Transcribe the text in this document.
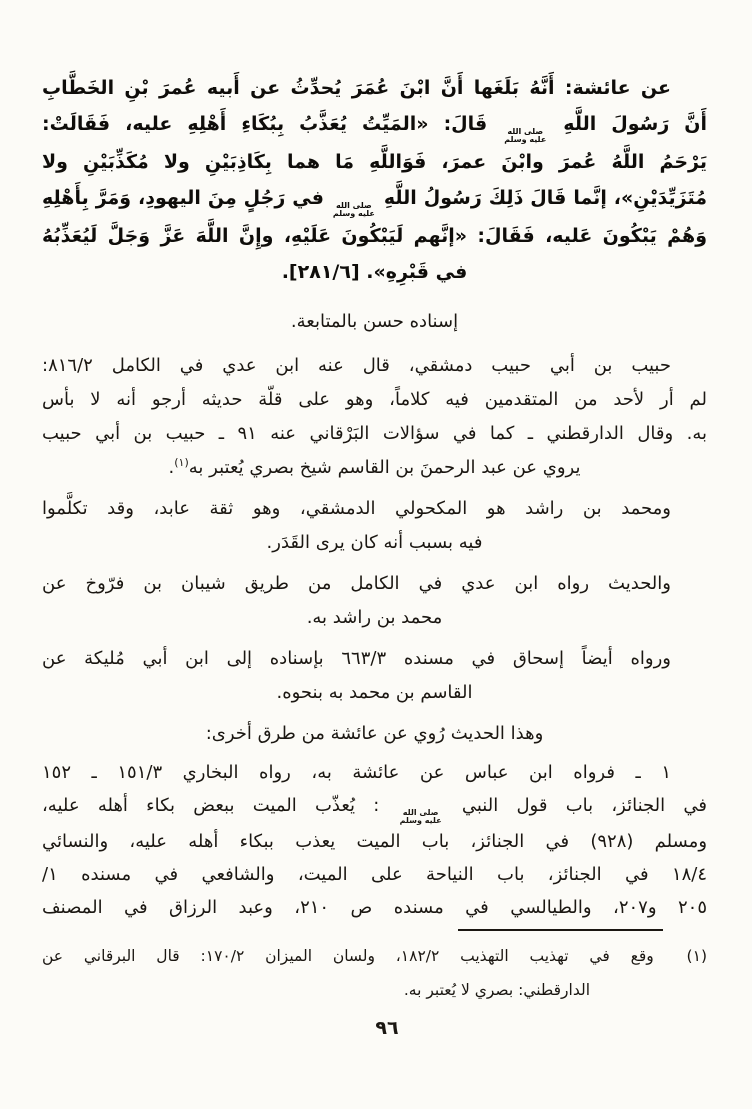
عن عائشة: أَنَّهُ بَلَغَها أَنَّ ابْنَ عُمَرَ يُحدِّثُ عن أَبيه عُمرَ بْنِ الخَطَّابِ
أَنَّ رَسُولَ اللَّهِ
صلى الله
عليه وسلم
قَالَ: «المَيِّتُ يُعَذَّبُ بِبُكَاءِ أَهْلِهِ عليه، فَقَالَتْ:
يَرْحَمُ اللَّهُ عُمرَ وابْنَ عمرَ، فَوَاللَّهِ مَا هما بِكَاذِبَيْنِ ولا مُكَذِّبَيْنِ ولا
مُتَزَيِّدَيْنِ»، إنَّما قَالَ ذَلِكَ رَسُولُ اللَّهِ
صلى الله
عليه وسلم
في رَجُلٍ مِنَ اليهودِ، وَمَرَّ بِأَهْلِهِ
وَهُمْ يَبْكُونَ عَليه، فَقَالَ: «إنَّهم لَيَبْكُونَ عَلَيْهِ، وإِنَّ اللَّهَ عَزَّ وَجَلَّ لَيُعَذِّبُهُ
في قَبْرِهِ». [٢٨١/٦].
إسناده حسن بالمتابعة.
حبيب بن أبي حبيب دمشقي، قال عنه ابن عدي في الكامل ٨١٦/٢:
لم أر لأحد من المتقدمين فيه كلاماً، وهو على قلّة حديثه أرجو أنه لا بأس
به. وقال الدارقطني ـ كما في سؤالات البَرْقاني عنه ٩١ ـ حبيب بن أبي حبيب
يروي عن عبد الرحمنَ بن القاسم شيخ بصري يُعتبر به$^{(١)}$.
ومحمد بن راشد هو المكحولي الدمشقي، وهو ثقة عابد، وقد تكلَّموا
فيه بسبب أنه كان يرى القَدَر.
والحديث رواه ابن عدي في الكامل من طريق شيبان بن فرّوخ عن
محمد بن راشد به.
ورواه أيضاً إسحاق في مسنده ٦٦٣/٣ بإسناده إلى ابن أبي مُليكة عن
القاسم بن محمد به بنحوه.
وهذا الحديث رُوي عن عائشة من طرق أخرى:
١ ـ فرواه ابن عباس عن عائشة به، رواه البخاري ١٥١/٣ ـ ١٥٢
في الجنائز، باب قول النبي
صلى الله
عليه وسلم
: يُعذّب الميت ببعض بكاء أهله عليه،
ومسلم (٩٢٨) في الجنائز، باب الميت يعذب ببكاء أهله عليه، والنسائي
١٨/٤ في الجنائز، باب النياحة على الميت، والشافعي في مسنده ١/
٢٠٥ و٢٠٧، والطيالسي في مسنده ص ٢١٠، وعبد الرزاق في المصنف
(١) وقع في تهذيب التهذيب ١٨٢/٢، ولسان الميزان ١٧٠/٢: قال البرقاني عن
الدارقطني: بصري لا يُعتبر به.
٩٦
